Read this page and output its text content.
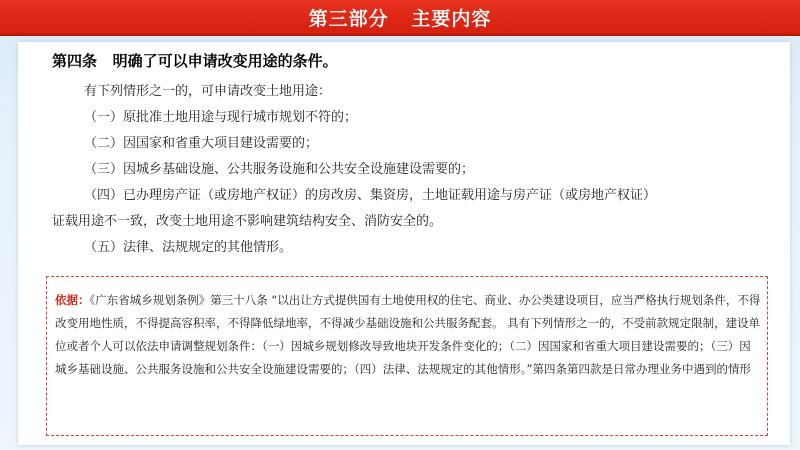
第三部分   主要内容
第四条   明确了可以申请改变用途的条件。
有下列情形之一的，可申请改变土地用途：
（一）原批准土地用途与现行城市规划不符的；
（二）因国家和省重大项目建设需要的；
（三）因城乡基础设施、公共服务设施和公共安全设施建设需要的；
（四）已办理房产证（或房地产权证）的房改房、集资房，土地证载用途与房产证（或房地产权证）
证载用途不一致，改变土地用途不影响建筑结构安全、消防安全的。
（五）法律、法规规定的其他情形。
依据：《广东省城乡规划条例》第三十八条 “以出让方式提供国有土地使用权的住宅、商业、办公类建设项目，应当严格执行规划条件，不得改变用地性质，不得提高容积率，不得降低绿地率，不得减少基础设施和公共服务配套。 具有下列情形之一的，不受前款规定限制，建设单位或者个人可以依法申请调整规划条件：（一）因城乡规划修改导致地块开发条件变化的；（二）因国家和省重大项目建设需要的；（三）因城乡基础设施、公共服务设施和公共安全设施建设需要的；（四）法律、法规规定的其他情形。”第四条第四款是日常办理业务中遇到的情形
